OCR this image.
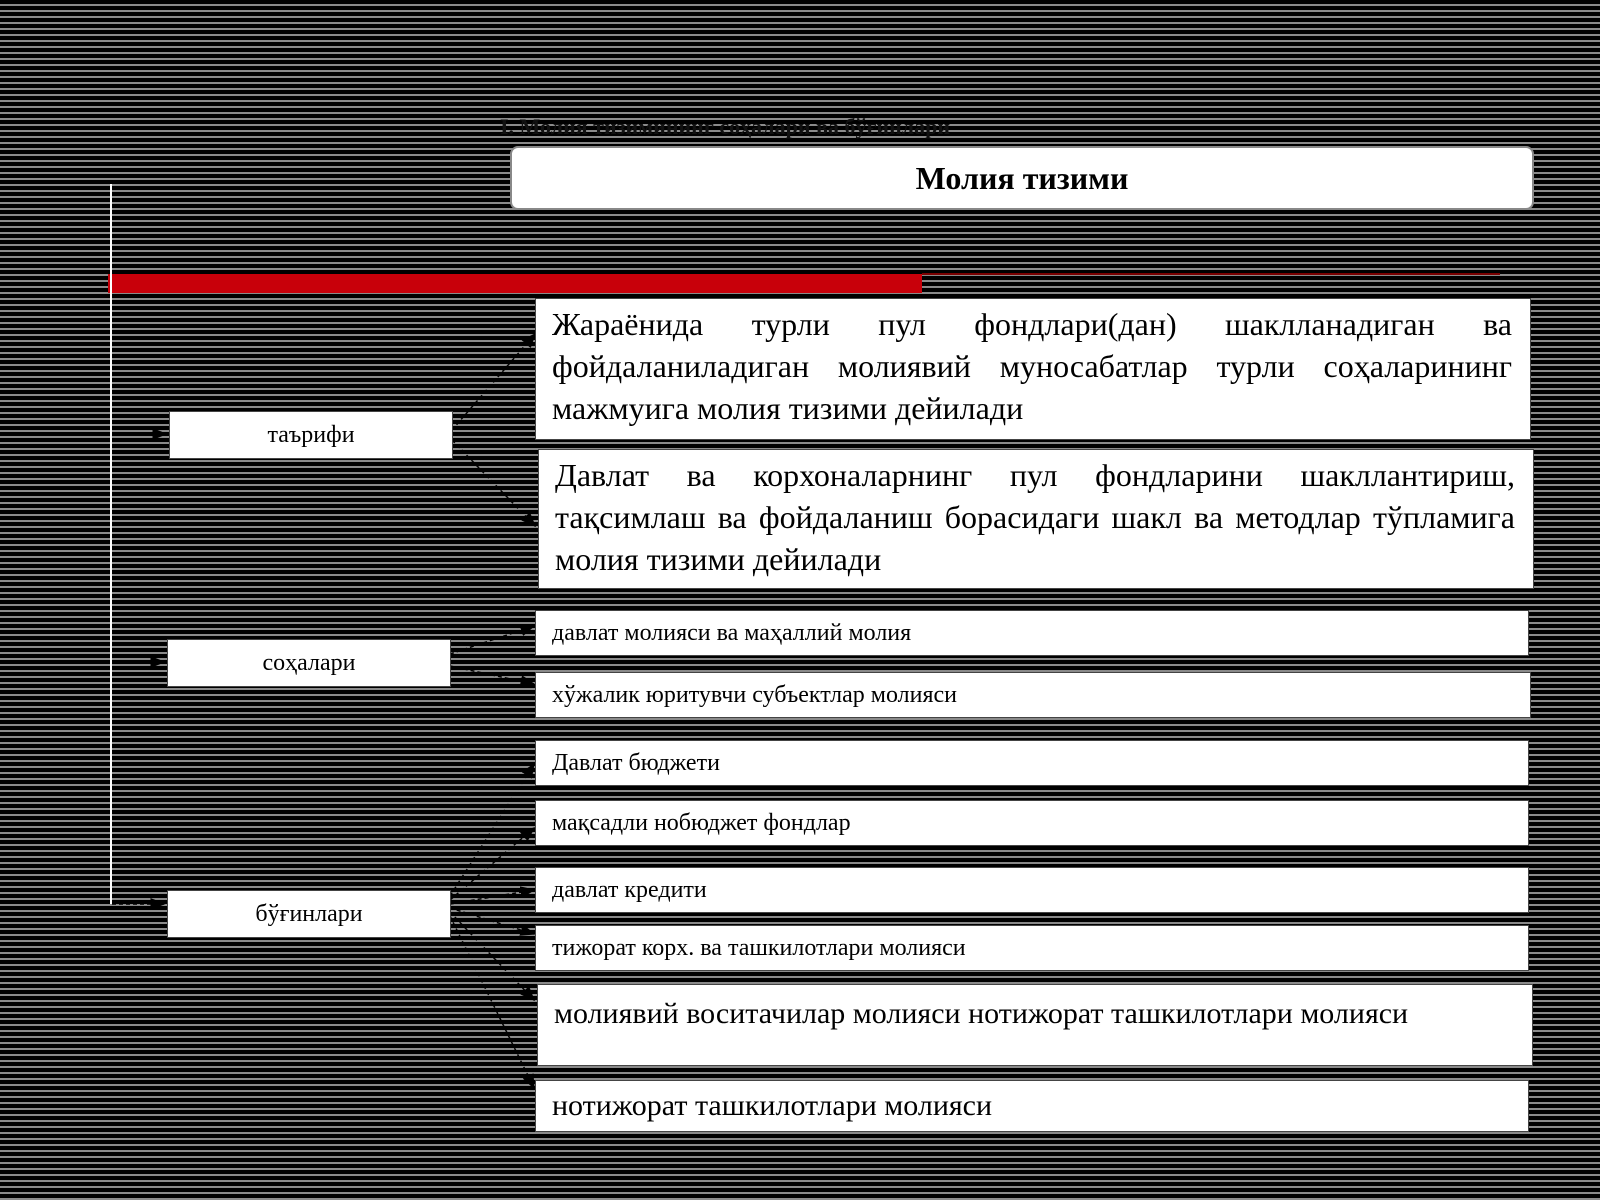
I. Молия тизимининг соҳалари ва бўғинлари
Молия тизими
таърифи
соҳалари
бўғинлари
Жараёнида турли пул фондлари(дан) шаклланадиган ва фойдаланиладиган молиявий муносабатлар турли соҳаларининг мажмуига молия тизими дейилади
Давлат ва корхоналарнинг пул фондларини шакллантириш, тақсимлаш ва фойдаланиш борасидаги шакл ва методлар тўпламига молия тизими дейилади
давлат молияси ва маҳаллий молия
хўжалик юритувчи субъектлар молияси
Давлат бюджети
мақсадли нобюджет фондлар
давлат кредити
тижорат корх. ва ташкилотлари молияси
молиявий воситачилар молияси нотижорат ташкилотлари молияси
нотижорат ташкилотлари молияси
